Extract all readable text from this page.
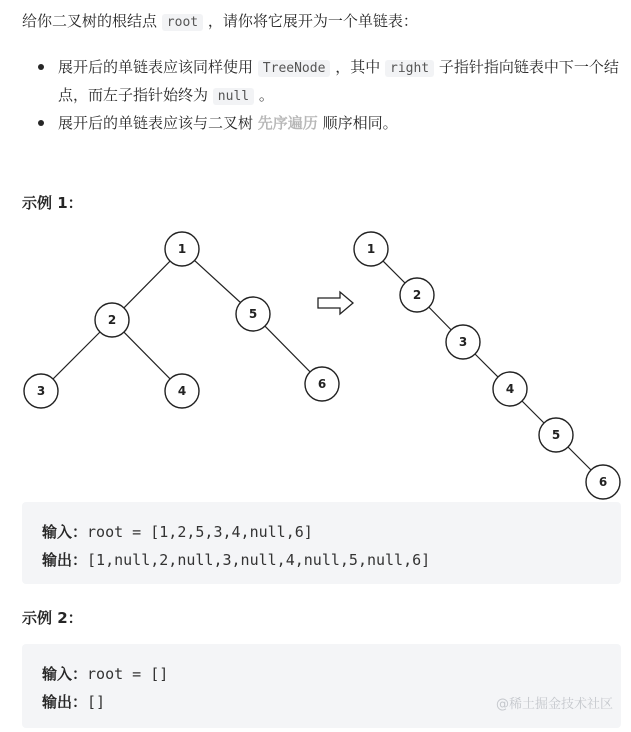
给你二叉树的根结点 root ，请你将它展开为一个单链表：
展开后的单链表应该同样使用 TreeNode ，其中 right 子指针指向链表中下一个结点，而左子指针始终为 null 。
展开后的单链表应该与二叉树 先序遍历 顺序相同。
示例 1：
1
2	5
3	4	6
1
2
3
4
5
6
输入：root = [1,2,5,3,4,null,6]
输出：[1,null,2,null,3,null,4,null,5,null,6]
示例 2：
输入：root = []
输出：[]	@稀土掘金技术社区
